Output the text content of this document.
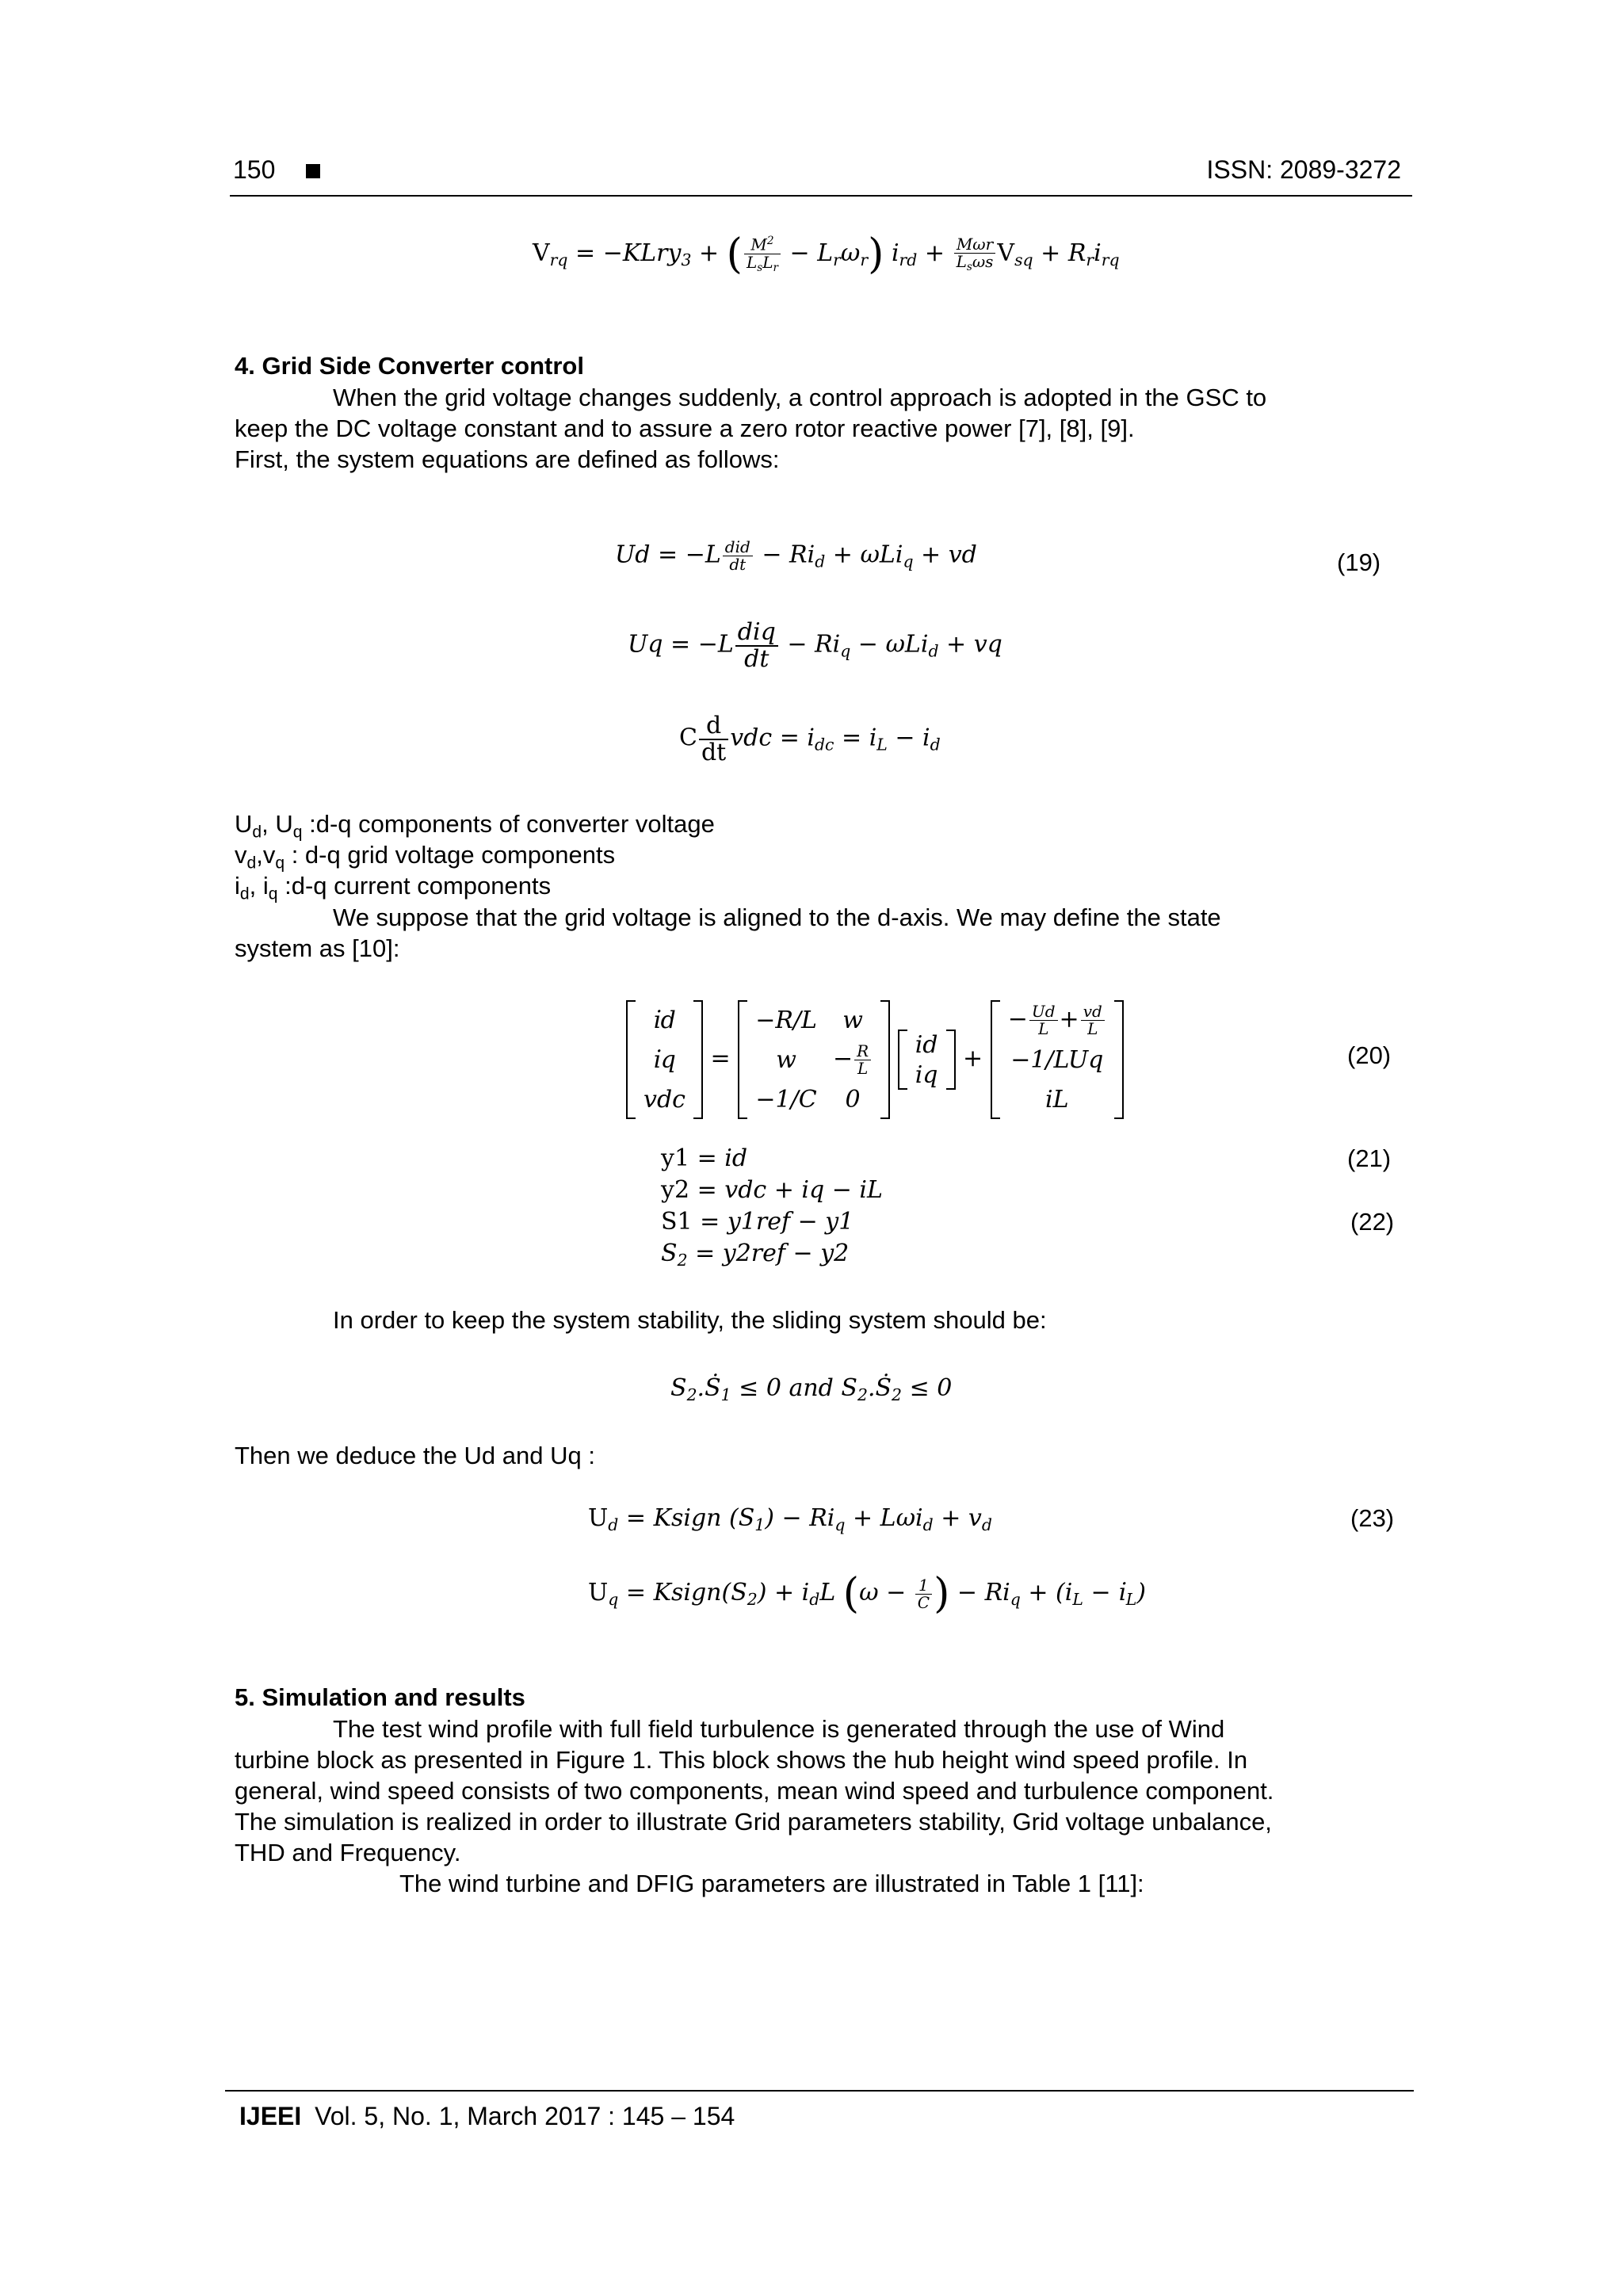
150	ISSN: 2089-3272
$V_{rq}$ = −KLry$_3$ + ( $\frac{M^2}{L_sL_r} - L_r\omega_r$) $i_{rd} + \frac{\text{Mωr}}{L_s\omega s} V_{sq} + R_ri_{rq}$
4. Grid Side Converter control
When the grid voltage changes suddenly, a control approach is adopted in the GSC to
keep the DC voltage constant and to assure a zero rotor reactive power [7], [8], [9].
First, the system equations are defined as follows:
$Ud = -L \frac{\text{did}}{dt} - Ri_d + \omega Li_q$ + vd	(19)
$Uq = -L \frac{\text{diq}}{dt} - Ri_q - \omega Li_d$ + vq
C $\frac{d}{dt}$ vdc = $i_{dc} = i_L - i_d$
$U_d$, $U_q$ :d-q components of converter voltage
$v_d,v_q$ : d-q grid voltage components
$i_d$, $i_q$ :d-q current components
We suppose that the grid voltage is aligned to the d-axis. We may define the state
system as [10]:
i̇d
i̇q
vdc
=
−R/L	w
w	− $\frac{R}{L}$

−1/C	0

id
iq
+
− $\frac{Ud}{L} + \frac{vd}{L}$

−1/LUq
iL
(20)
y1 = id	(21)
y2 = vdc + iq − iL
S1 = y1ref − y1	(22)
$S_2 = y2ref - y2$
In order to keep the system stability, the sliding system should be:
$S_2.Ṡ_1 \le 0$ and $S_2.Ṡ_2 \le 0$
Then we deduce the Ud and Uq :
$U_d$ = Ksign $(S_1) - Ri_q + L\omega i_d + v_d$	(23)
$U_q$ = $Ksign(S_2) + i_dL$ ($\omega - \frac{1}{C}$ ) − $Ri_q + (i_L$ − $i̇_L$)
5. Simulation and results
The test wind profile with full field turbulence is generated through the use of Wind
turbine block as presented in Figure 1. This block shows the hub height wind speed profile. In
general, wind speed consists of two components, mean wind speed and turbulence component.
The simulation is realized in order to illustrate Grid parameters stability, Grid voltage unbalance,
THD and Frequency.
The wind turbine and DFIG parameters are illustrated in Table 1 [11]:
IJEEI Vol. 5, No. 1, March 2017 : 145 – 154
